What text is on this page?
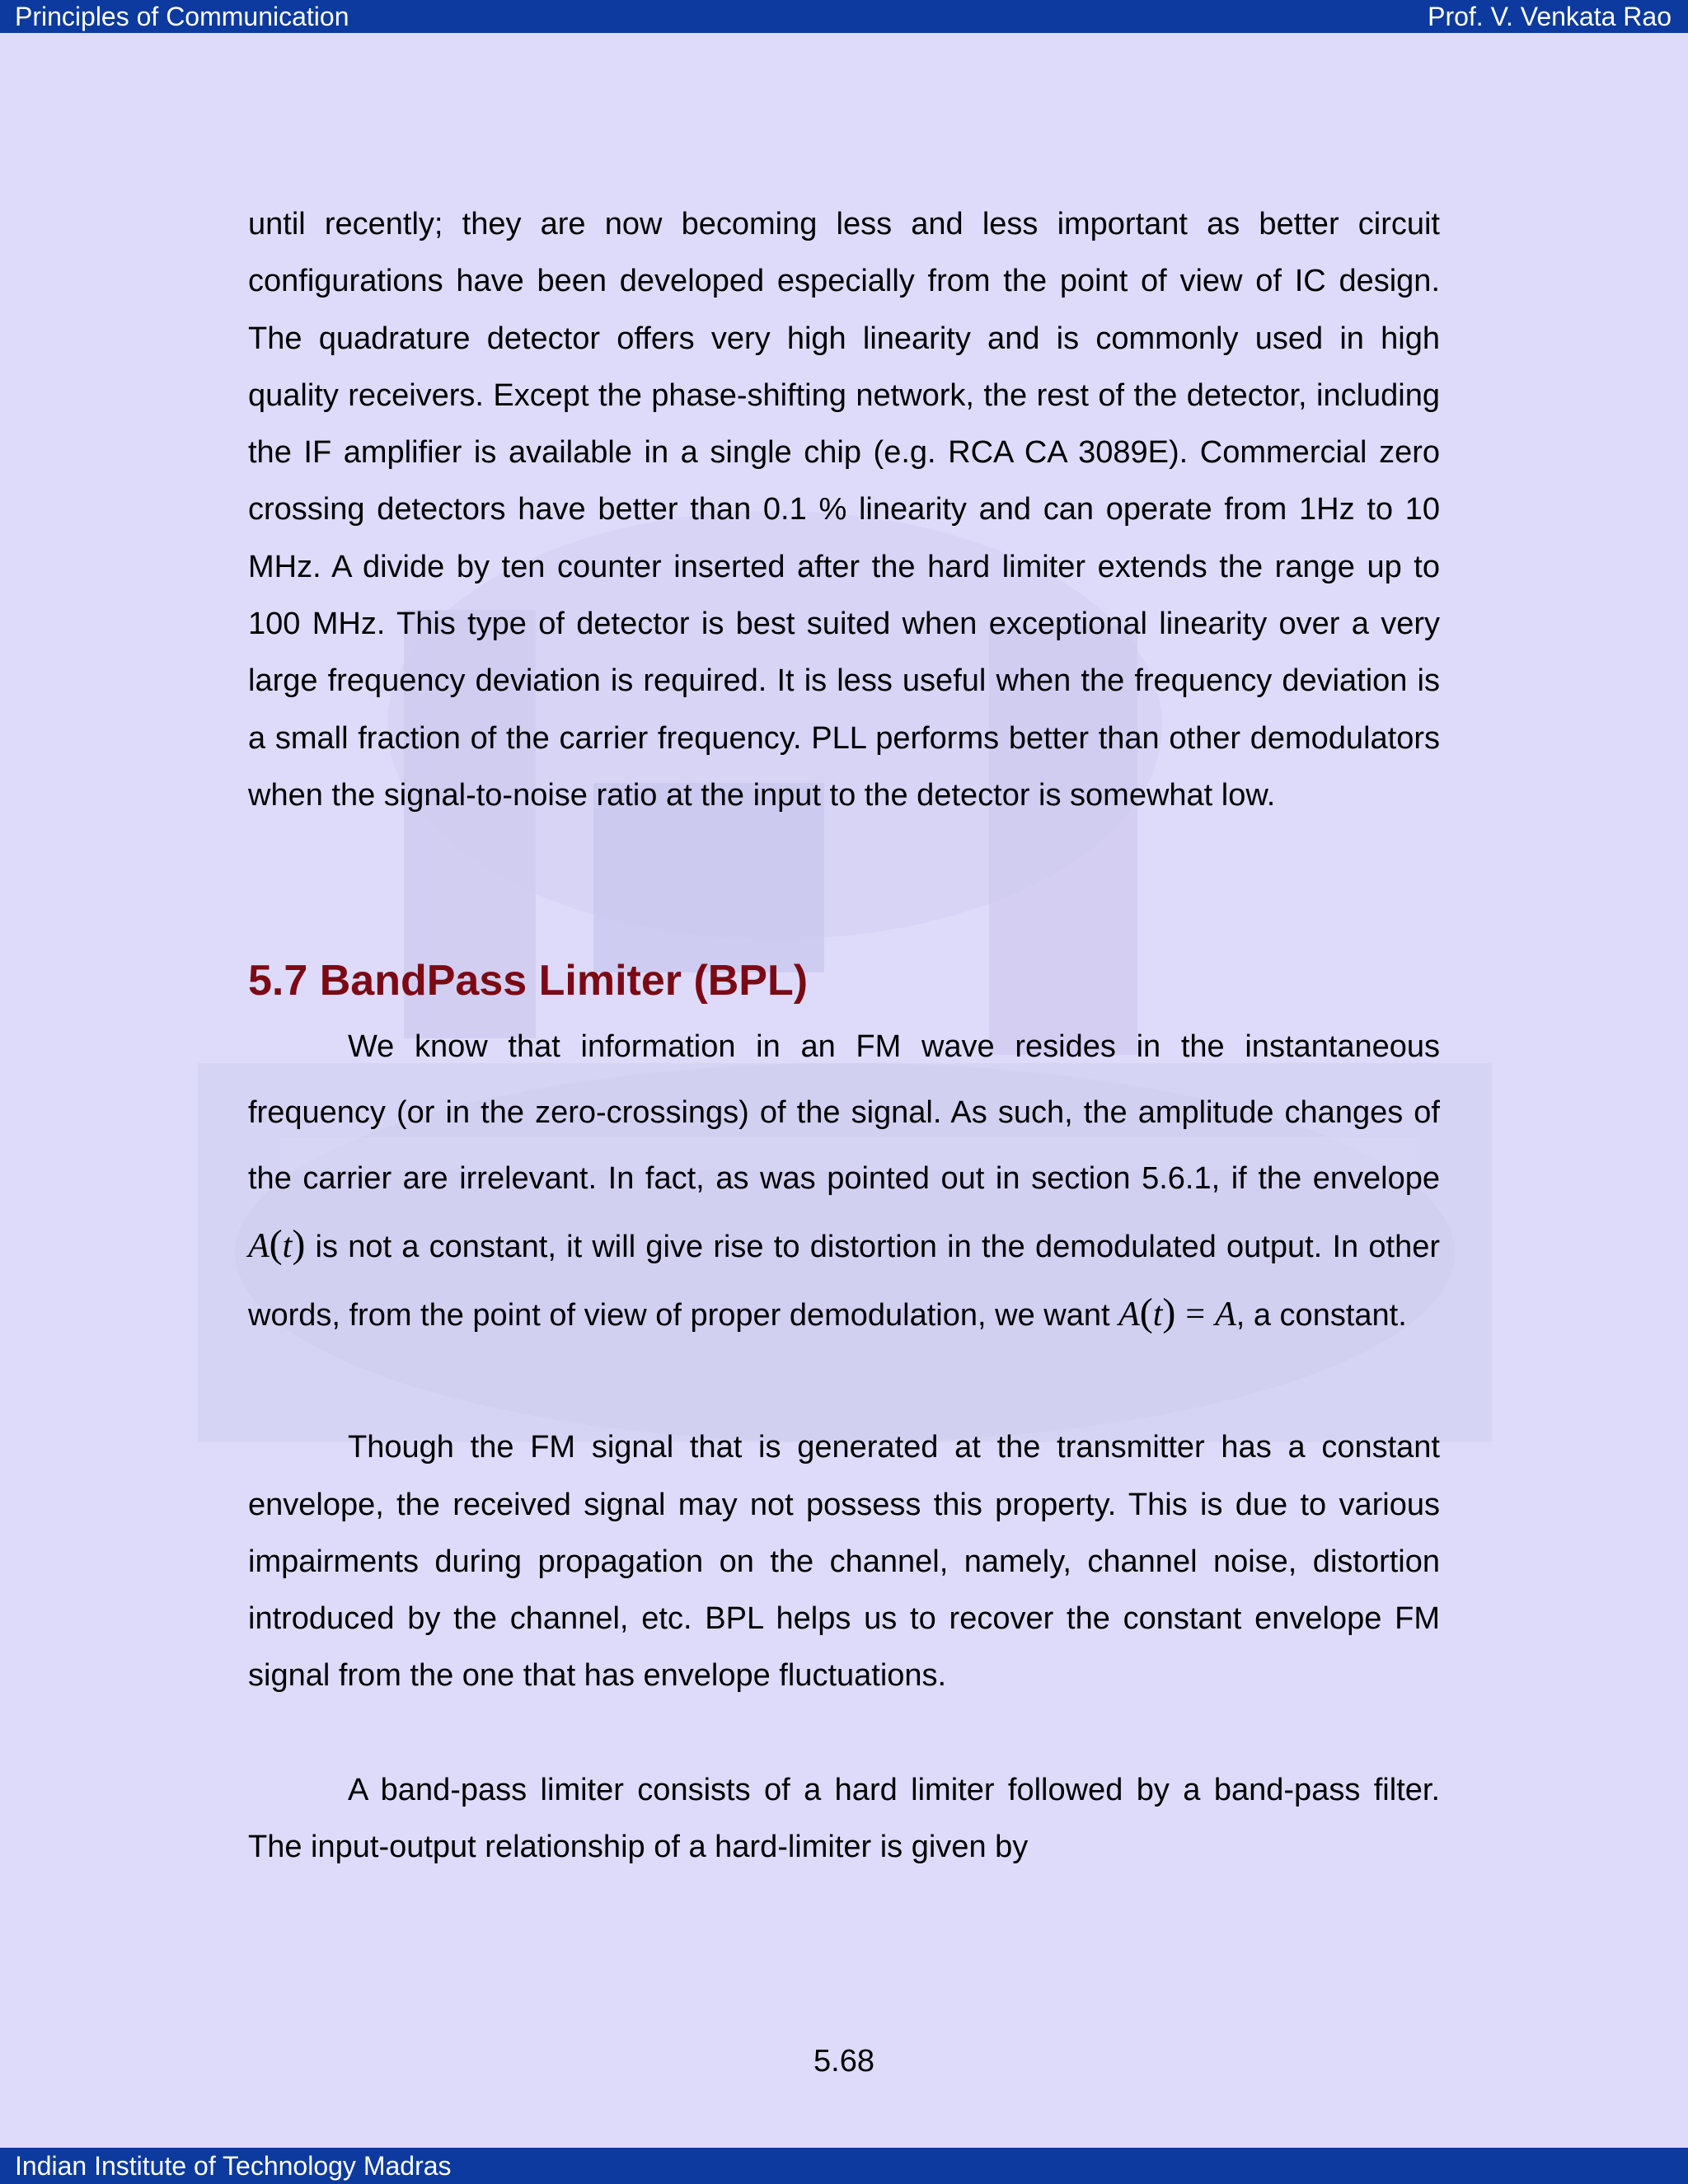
Principles of Communication	Prof. V. Venkata Rao

until recently; they are now becoming less and less important as better circuit configurations have been developed especially from the point of view of IC design. The quadrature detector offers very high linearity and is commonly used in high quality receivers. Except the phase-shifting network, the rest of the detector, including the IF amplifier is available in a single chip (e.g. RCA CA 3089E). Commercial zero crossing detectors have better than 0.1 % linearity and can operate from 1Hz to 10 MHz. A divide by ten counter inserted after the hard limiter extends the range up to 100 MHz. This type of detector is best suited when exceptional linearity over a very large frequency deviation is required. It is less useful when the frequency deviation is a small fraction of the carrier frequency. PLL performs better than other demodulators when the signal-to-noise ratio at the input to the detector is somewhat low.

5.7 BandPass Limiter (BPL)

We know that information in an FM wave resides in the instantaneous frequency (or in the zero-crossings) of the signal. As such, the amplitude changes of the carrier are irrelevant. In fact, as was pointed out in section 5.6.1, if the envelope A(t) is not a constant, it will give rise to distortion in the demodulated output. In other words, from the point of view of proper demodulation, we want A(t) = A, a constant.

Though the FM signal that is generated at the transmitter has a constant envelope, the received signal may not possess this property. This is due to various impairments during propagation on the channel, namely, channel noise, distortion introduced by the channel, etc. BPL helps us to recover the constant envelope FM signal from the one that has envelope fluctuations.

A band-pass limiter consists of a hard limiter followed by a band-pass filter. The input-output relationship of a hard-limiter is given by

5.68
Indian Institute of Technology Madras
